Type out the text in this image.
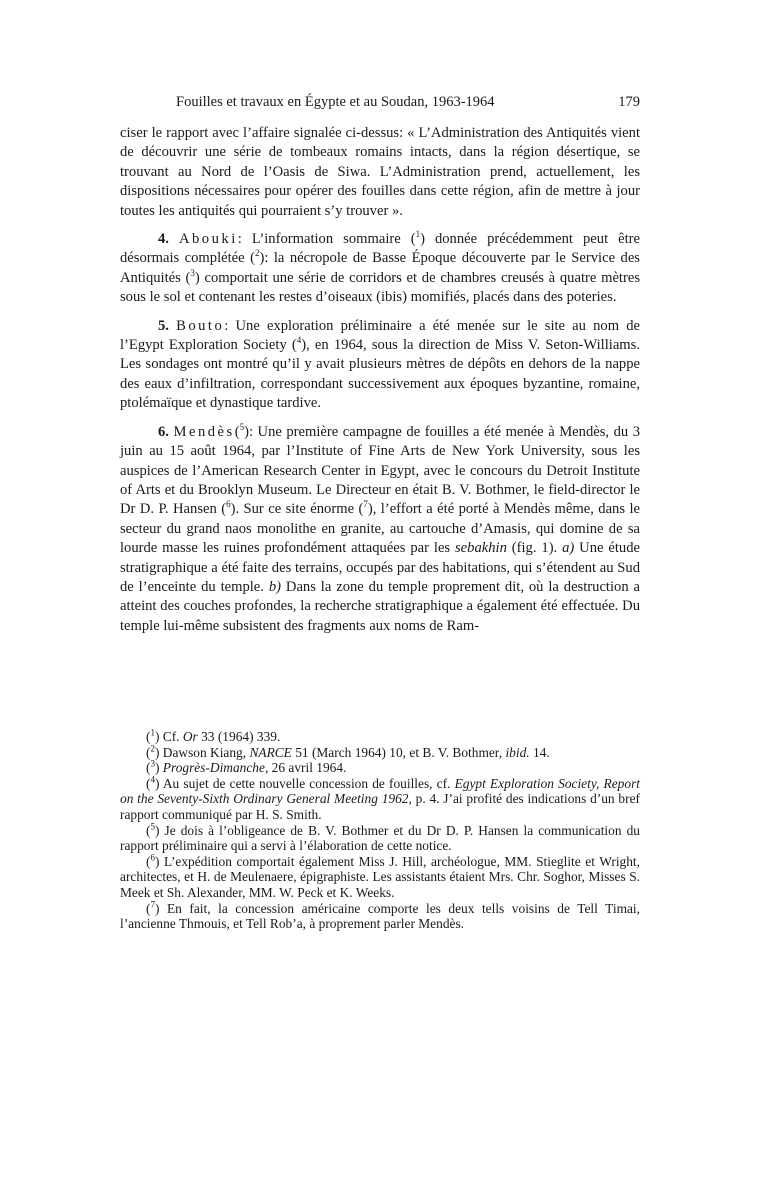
Fouilles et travaux en Égypte et au Soudan, 1963-1964	179

ciser le rapport avec l’affaire signalée ci-dessus: « L’Administration des Antiquités vient de découvrir une série de tombeaux romains intacts, dans la région désertique, se trouvant au Nord de l’Oasis de Siwa. L’Administration prend, actuellement, les dispositions nécessaires pour opérer des fouilles dans cette région, afin de mettre à jour toutes les antiquités qui pourraient s’y trouver ».

4. Abouki: L’information sommaire ($^1$) donnée précédemment peut être désormais complétée ($^2$): la nécropole de Basse Époque découverte par le Service des Antiquités ($^3$) comportait une série de corridors et de chambres creusés à quatre mètres sous le sol et contenant les restes d’oiseaux (ibis) momifiés, placés dans des poteries.

5. Bouto: Une exploration préliminaire a été menée sur le site au nom de l’Egypt Exploration Society ($^4$), en 1964, sous la direction de Miss V. Seton-Williams. Les sondages ont montré qu’il y avait plusieurs mètres de dépôts en dehors de la nappe des eaux d’infiltration, correspondant successivement aux époques byzantine, romaine, ptolémaïque et dynastique tardive.

6. Mendès($^5$): Une première campagne de fouilles a été menée à Mendès, du 3 juin au 15 août 1964, par l’Institute of Fine Arts de New York University, sous les auspices de l’American Research Center in Egypt, avec le concours du Detroit Institute of Arts et du Brooklyn Museum. Le Directeur en était B. V. Bothmer, le field-director le Dr D. P. Hansen ($^6$). Sur ce site énorme ($^7$), l’effort a été porté à Mendès même, dans le secteur du grand naos monolithe en granite, au cartouche d’Amasis, qui domine de sa lourde masse les ruines profondément attaquées par les sebakhin (fig. 1). a) Une étude stratigraphique a été faite des terrains, occupés par des habitations, qui s’étendent au Sud de l’enceinte du temple. b) Dans la zone du temple proprement dit, où la destruction a atteint des couches profondes, la recherche stratigraphique a également été effectuée. Du temple lui-même subsistent des fragments aux noms de Ram-

($^1$) Cf. Or 33 (1964) 339.

($^2$) Dawson Kiang, NARCE 51 (March 1964) 10, et B. V. Bothmer, ibid. 14.

($^3$) Progrès-Dimanche, 26 avril 1964.

($^4$) Au sujet de cette nouvelle concession de fouilles, cf. Egypt Exploration Society, Report on the Seventy-Sixth Ordinary General Meeting 1962, p. 4. J’ai profité des indications d’un bref rapport communiqué par H. S. Smith.

($^5$) Je dois à l’obligeance de B. V. Bothmer et du Dr D. P. Hansen la communication du rapport préliminaire qui a servi à l’élaboration de cette notice.

($^6$) L’expédition comportait également Miss J. Hill, archéologue, MM. Stieglite et Wright, architectes, et H. de Meulenaere, épigraphiste. Les assistants étaient Mrs. Chr. Soghor, Misses S. Meek et Sh. Alexander, MM. W. Peck et K. Weeks.

($^7$) En fait, la concession américaine comporte les deux tells voisins de Tell Timai, l’ancienne Thmouis, et Tell Rob’a, à proprement parler Mendès.
